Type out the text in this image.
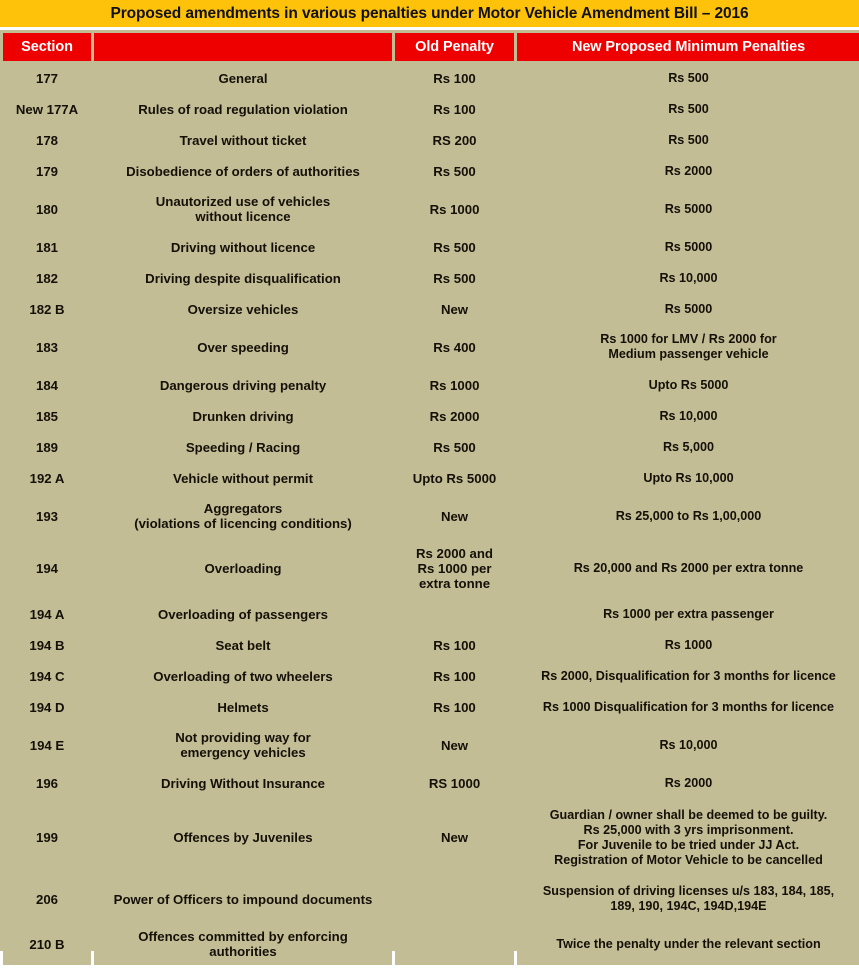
Proposed amendments in various penalties under Motor Vehicle Amendment Bill – 2016
Section		Old Penalty	New Proposed Minimum Penalties

177	General	Rs 100	Rs 500

New 177A	Rules of road regulation violation	Rs 100	Rs 500

178	Travel without ticket	RS 200	Rs 500

179	Disobedience of orders of authorities	Rs 500	Rs 2000

180	Unautorized use of vehicles
without licence	Rs 1000	Rs 5000

181	Driving without licence	Rs 500	Rs 5000

182	Driving despite disqualification	Rs 500	Rs 10,000

182 B	Oversize vehicles	New	Rs 5000

183	Over speeding	Rs 400	Rs 1000 for LMV / Rs 2000 for
Medium passenger vehicle

184	Dangerous driving penalty	Rs 1000	Upto Rs 5000

185	Drunken driving	Rs 2000	Rs 10,000

189	Speeding / Racing	Rs 500	Rs 5,000

192 A	Vehicle without permit	Upto Rs 5000	Upto Rs 10,000

193	Aggregators
(violations of licencing conditions)	New	Rs 25,000 to Rs 1,00,000

194	Overloading	Rs 2000 and
Rs 1000 per
extra tonne	Rs 20,000 and Rs 2000 per extra tonne

194 A	Overloading of passengers		Rs 1000 per extra passenger

194 B	Seat belt	Rs 100	Rs 1000

194 C	Overloading of two wheelers	Rs 100	Rs 2000, Disqualification for 3 months for licence

194 D	Helmets	Rs 100	Rs 1000 Disqualification for 3 months for licence

194 E	Not providing way for
emergency vehicles	New	Rs 10,000

196	Driving Without Insurance	RS 1000	Rs 2000

199	Offences by Juveniles	New	Guardian / owner shall be deemed to be guilty.
Rs 25,000 with 3 yrs imprisonment.
For Juvenile to be tried under JJ Act.
Registration of Motor Vehicle to be cancelled

206	Power of Officers to impound documents		Suspension of driving licenses u/s 183, 184, 185,
189, 190, 194C, 194D,194E

210 B	Offences committed by enforcing
authorities		Twice the penalty under the relevant section
